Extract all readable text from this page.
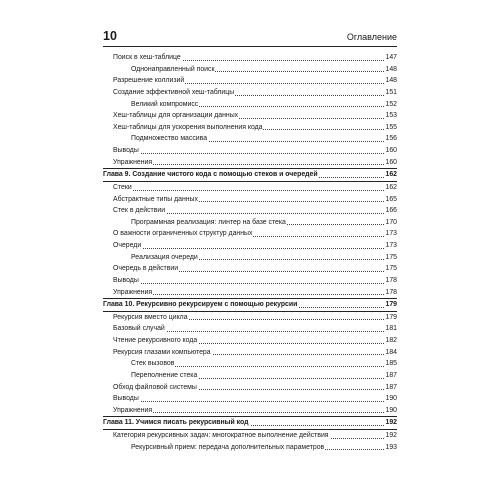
10	Оглавление
Поиск в хеш-таблице	147
Однонаправленный поиск	148
Разрешение коллизий	148
Создание эффективной хеш-таблицы	151
Великий компромисс	152
Хеш-таблицы для организации данных	153
Хеш-таблицы для ускорения выполнения кода	155
Подмножество массива	156
Выводы	160
Упражнения	160
Глава 9. Создание чистого кода с помощью стеков и очередей	162
Стеки	162
Абстрактные типы данных	165
Стек в действии	166
Программная реализация: линтер на базе стека	170
О важности ограниченных структур данных	173
Очереди	173
Реализация очереди	175
Очередь в действии	175
Выводы	178
Упражнения	178
Глава 10. Рекурсивно рекурсируем с помощью рекурсии	179
Рекурсия вместо цикла	179
Базовый случай	181
Чтение рекурсивного кода	182
Рекурсия глазами компьютера	184
Стек вызовов	185
Переполнение стека	187
Обход файловой системы	187
Выводы	190
Упражнения	190
Глава 11. Учимся писать рекурсивный код	192
Категория рекурсивных задач: многократное выполнение действия	192
Рекурсивный прием: передача дополнительных параметров	193
